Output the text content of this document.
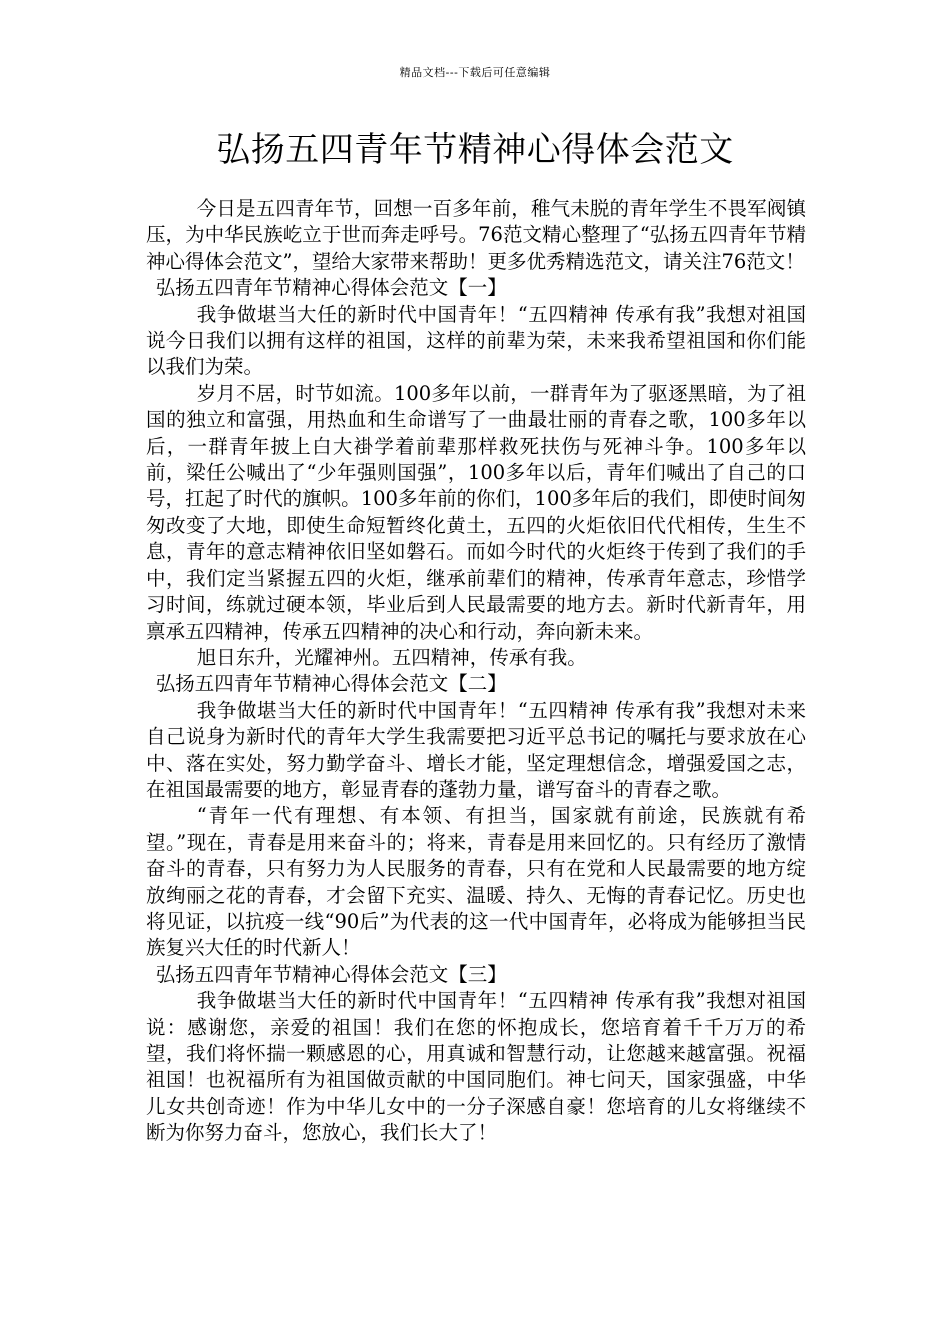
精品文档---下载后可任意编辑
弘扬五四青年节精神心得体会范文

今日是五四青年节，回想一百多年前，稚气未脱的青年学生不畏军阀镇压，为中华民族屹立于世而奔走呼号。76范文精心整理了“弘扬五四青年节精神心得体会范文”，望给大家带来帮助！更多优秀精选范文，请关注76范文！

弘扬五四青年节精神心得体会范文【一】

我争做堪当大任的新时代中国青年！“五四精神 传承有我”我想对祖国说今日我们以拥有这样的祖国，这样的前辈为荣，未来我希望祖国和你们能以我们为荣。

岁月不居，时节如流。100多年以前，一群青年为了驱逐黑暗，为了祖国的独立和富强，用热血和生命谱写了一曲最壮丽的青春之歌，100多年以后，一群青年披上白大褂学着前辈那样救死扶伤与死神斗争。100多年以前，梁任公喊出了“少年强则国强”，100多年以后，青年们喊出了自己的口号，扛起了时代的旗帜。100多年前的你们，100多年后的我们，即使时间匆匆改变了大地，即使生命短暂终化黄土，五四的火炬依旧代代相传，生生不息，青年的意志精神依旧坚如磐石。而如今时代的火炬终于传到了我们的手中，我们定当紧握五四的火炬，继承前辈们的精神，传承青年意志，珍惜学习时间，练就过硬本领，毕业后到人民最需要的地方去。新时代新青年，用禀承五四精神，传承五四精神的决心和行动，奔向新未来。

旭日东升，光耀神州。五四精神，传承有我。

弘扬五四青年节精神心得体会范文【二】

我争做堪当大任的新时代中国青年！“五四精神 传承有我”我想对未来自己说身为新时代的青年大学生我需要把习近平总书记的嘱托与要求放在心中、落在实处，努力勤学奋斗、增长才能，坚定理想信念，增强爱国之志，在祖国最需要的地方，彰显青春的蓬勃力量，谱写奋斗的青春之歌。

“青年一代有理想、有本领、有担当，国家就有前途，民族就有希望。”现在，青春是用来奋斗的；将来，青春是用来回忆的。只有经历了激情奋斗的青春，只有努力为人民服务的青春，只有在党和人民最需要的地方绽放绚丽之花的青春，才会留下充实、温暖、持久、无悔的青春记忆。历史也将见证，以抗疫一线“90后”为代表的这一代中国青年，必将成为能够担当民族复兴大任的时代新人！

弘扬五四青年节精神心得体会范文【三】

我争做堪当大任的新时代中国青年！“五四精神 传承有我”我想对祖国说：感谢您，亲爱的祖国！我们在您的怀抱成长，您培育着千千万万的希望，我们将怀揣一颗感恩的心，用真诚和智慧行动，让您越来越富强。祝福祖国！也祝福所有为祖国做贡献的中国同胞们。神七问天，国家强盛，中华儿女共创奇迹！作为中华儿女中的一分子深感自豪！您培育的儿女将继续不断为你努力奋斗，您放心，我们长大了！
